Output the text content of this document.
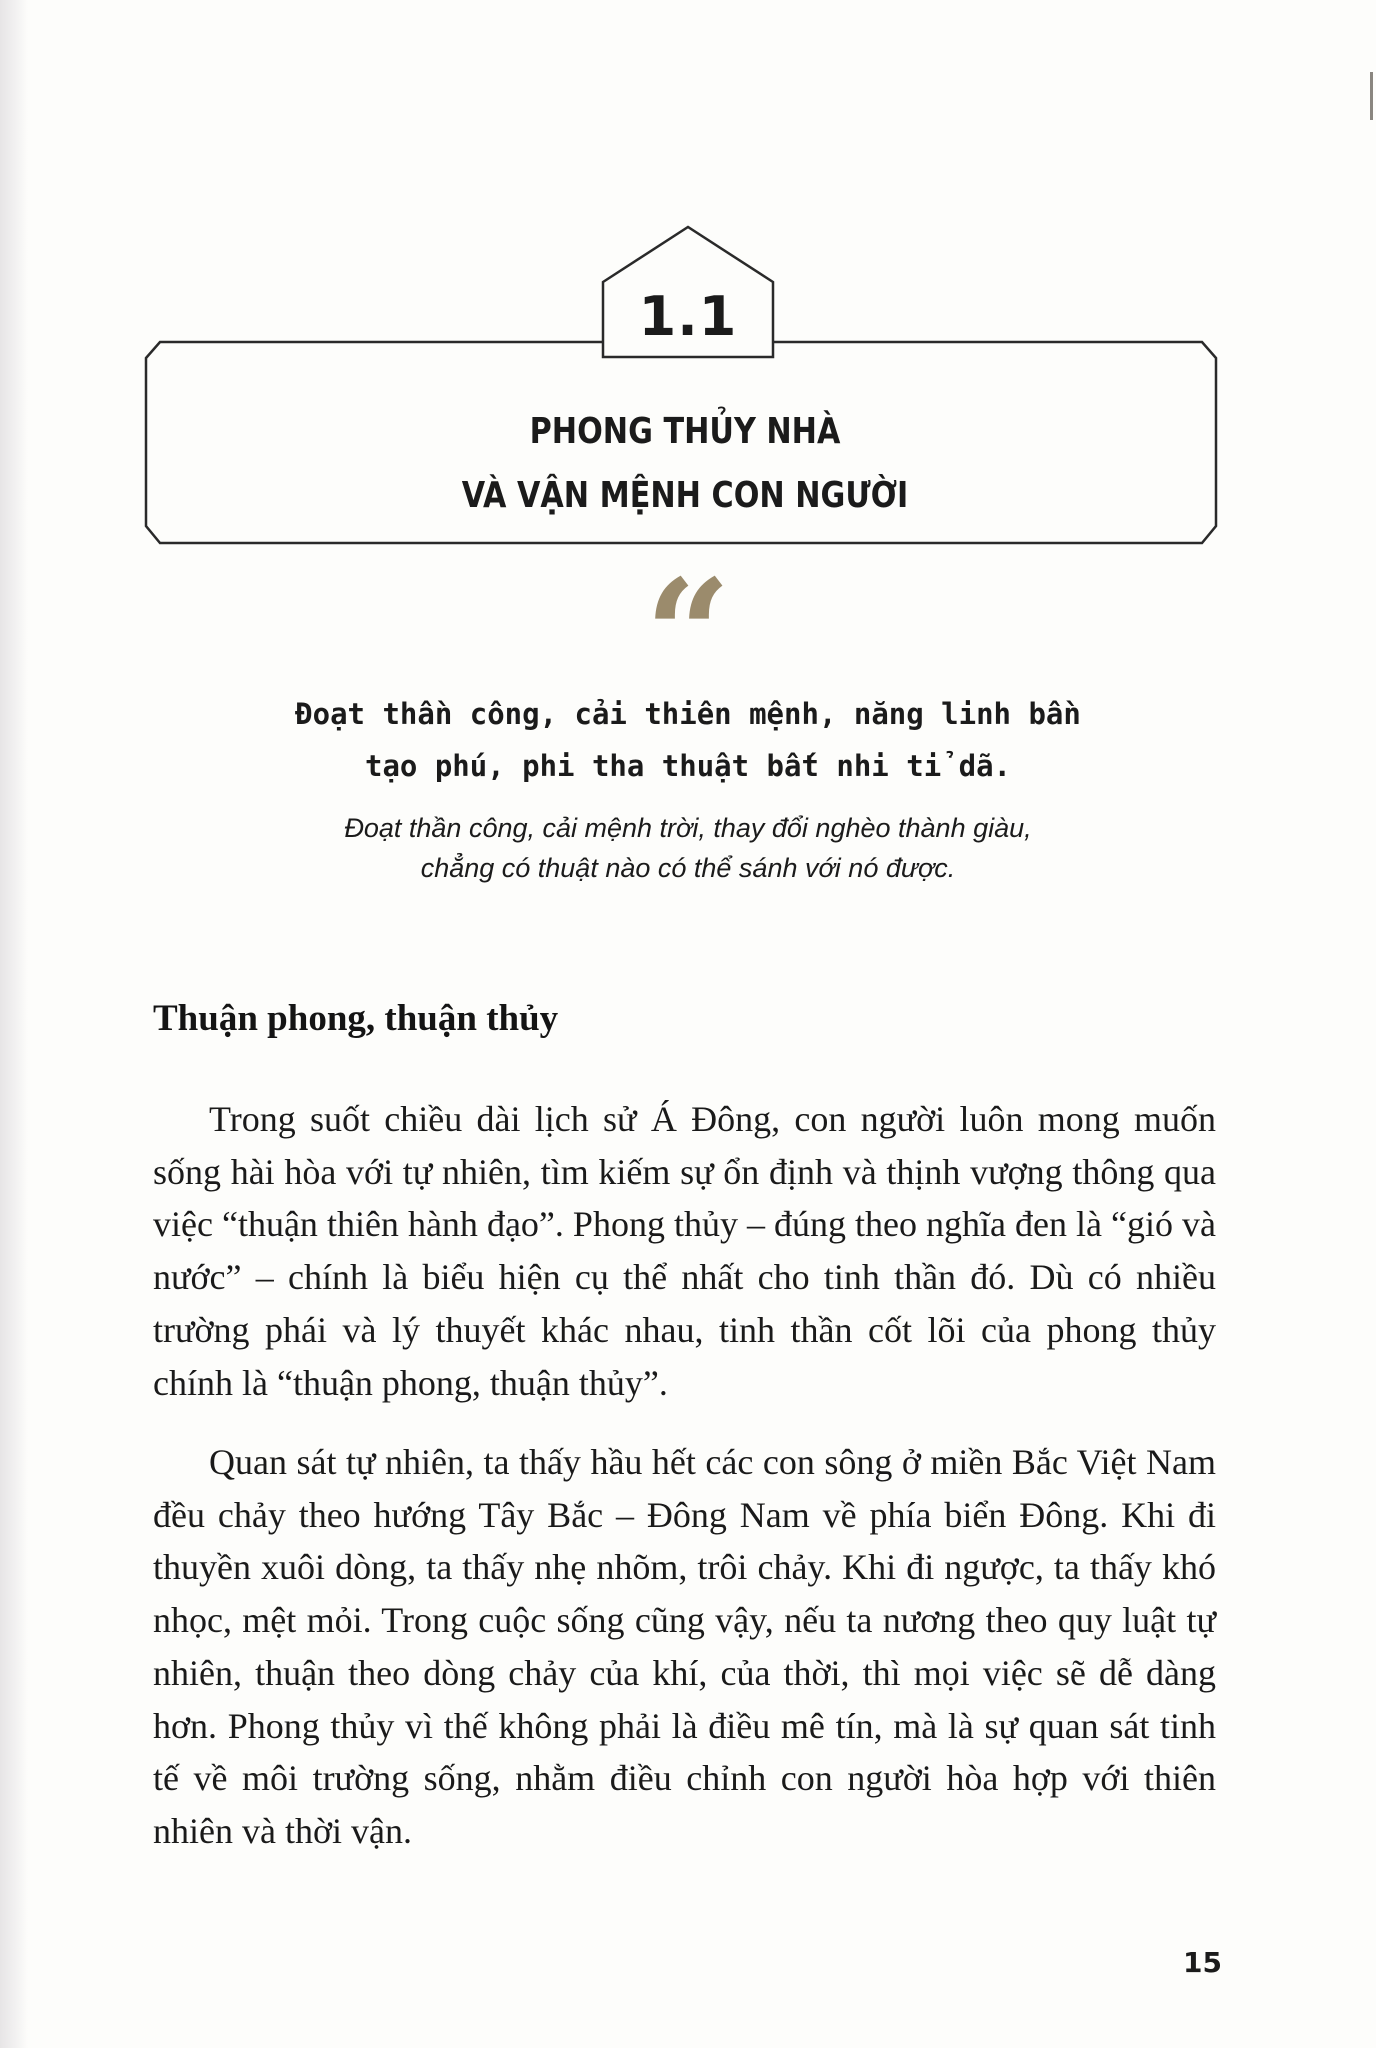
1.1
PHONG THỦY NHÀ
VÀ VẬN MỆNH CON NGƯỜI
“
Đoạt thần công, cải thiên mệnh, năng linh bần
tạo phú, phi tha thuật bất nhi tỉ dã.
Đoạt thần công, cải mệnh trời, thay đổi nghèo thành giàu,
chẳng có thuật nào có thể sánh với nó được.
Thuận phong, thuận thủy

Trong suốt chiều dài lịch sử Á Đông, con người luôn mong muốn sống hài hòa với tự nhiên, tìm kiếm sự ổn định và thịnh vượng thông qua việc “thuận thiên hành đạo”. Phong thủy – đúng theo nghĩa đen là “gió và nước” – chính là biểu hiện cụ thể nhất cho tinh thần đó. Dù có nhiều trường phái và lý thuyết khác nhau, tinh thần cốt lõi của phong thủy chính là “thuận phong, thuận thủy”.

Quan sát tự nhiên, ta thấy hầu hết các con sông ở miền Bắc Việt Nam đều chảy theo hướng Tây Bắc – Đông Nam về phía biển Đông. Khi đi thuyền xuôi dòng, ta thấy nhẹ nhõm, trôi chảy. Khi đi ngược, ta thấy khó nhọc, mệt mỏi. Trong cuộc sống cũng vậy, nếu ta nương theo quy luật tự nhiên, thuận theo dòng chảy của khí, của thời, thì mọi việc sẽ dễ dàng hơn. Phong thủy vì thế không phải là điều mê tín, mà là sự quan sát tinh tế về môi trường sống, nhằm điều chỉnh con người hòa hợp với thiên nhiên và thời vận.

15
